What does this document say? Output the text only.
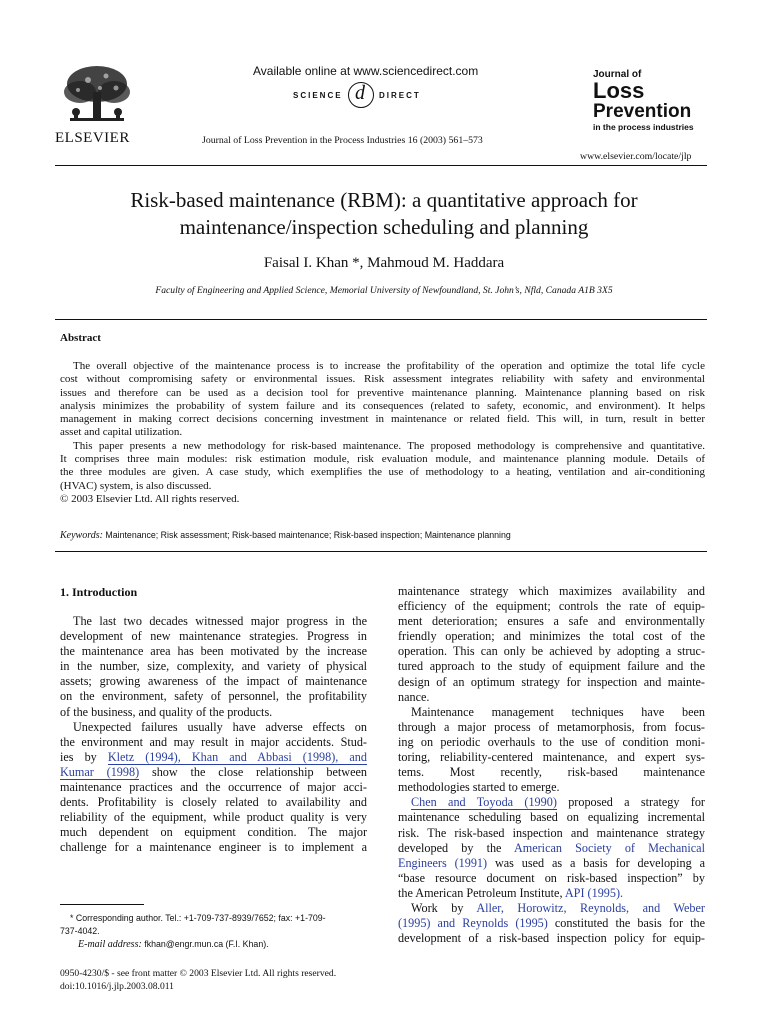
ELSEVIER
Available online at www.sciencedirect.com
SCIENCE d DIRECT
Journal of Loss Prevention in the Process Industries 16 (2003) 561–573
Journal of
Loss
Prevention
in the process industries
www.elsevier.com/locate/jlp
Risk-based maintenance (RBM): a quantitative approach for
maintenance/inspection scheduling and planning
Faisal I. Khan *, Mahmoud M. Haddara
Faculty of Engineering and Applied Science, Memorial University of Newfoundland, St. John’s, Nfld, Canada A1B 3X5
Abstract
The overall objective of the maintenance process is to increase the profitability of the operation and optimize the total life cycle
cost without compromising safety or environmental issues. Risk assessment integrates reliability with safety and environmental
issues and therefore can be used as a decision tool for preventive maintenance planning. Maintenance planning based on risk
analysis minimizes the probability of system failure and its consequences (related to safety, economic, and environment). It helps
management in making correct decisions concerning investment in maintenance or related field. This will, in turn, result in better
asset and capital utilization.
This paper presents a new methodology for risk-based maintenance. The proposed methodology is comprehensive and quantitative.
It comprises three main modules: risk estimation module, risk evaluation module, and maintenance planning module. Details of
the three modules are given. A case study, which exemplifies the use of methodology to a heating, ventilation and air-conditioning
(HVAC) system, is also discussed.
© 2003 Elsevier Ltd. All rights reserved.
Keywords: Maintenance; Risk assessment; Risk-based maintenance; Risk-based inspection; Maintenance planning
1. Introduction
The last two decades witnessed major progress in the
development of new maintenance strategies. Progress in
the maintenance area has been motivated by the increase
in the number, size, complexity, and variety of physical
assets; growing awareness of the impact of maintenance
on the environment, safety of personnel, the profitability
of the business, and quality of the products.
Unexpected failures usually have adverse effects on
the environment and may result in major accidents. Stud-
ies by Kletz (1994), Khan and Abbasi (1998), and
Kumar (1998) show the close relationship between
maintenance practices and the occurrence of major acci-
dents. Profitability is closely related to availability and
reliability of the equipment, while product quality is very
much dependent on equipment condition. The major
challenge for a maintenance engineer is to implement a
* Corresponding author. Tel.: +1-709-737-8939/7652; fax: +1-709-
737-4042.
E-mail address: fkhan@engr.mun.ca (F.I. Khan).
0950-4230/$ - see front matter © 2003 Elsevier Ltd. All rights reserved.
doi:10.1016/j.jlp.2003.08.011
maintenance strategy which maximizes availability and
efficiency of the equipment; controls the rate of equip-
ment deterioration; ensures a safe and environmentally
friendly operation; and minimizes the total cost of the
operation. This can only be achieved by adopting a struc-
tured approach to the study of equipment failure and the
design of an optimum strategy for inspection and mainte-
nance.
Maintenance management techniques have been
through a major process of metamorphosis, from focus-
ing on periodic overhauls to the use of condition moni-
toring, reliability-centered maintenance, and expert sys-
tems. Most recently, risk-based maintenance
methodologies started to emerge.
Chen and Toyoda (1990) proposed a strategy for
maintenance scheduling based on equalizing incremental
risk. The risk-based inspection and maintenance strategy
developed by the American Society of Mechanical
Engineers (1991) was used as a basis for developing a
“base resource document on risk-based inspection” by
the American Petroleum Institute, API (1995).
Work by Aller, Horowitz, Reynolds, and Weber
(1995) and Reynolds (1995) constituted the basis for the
development of a risk-based inspection policy for equip-
